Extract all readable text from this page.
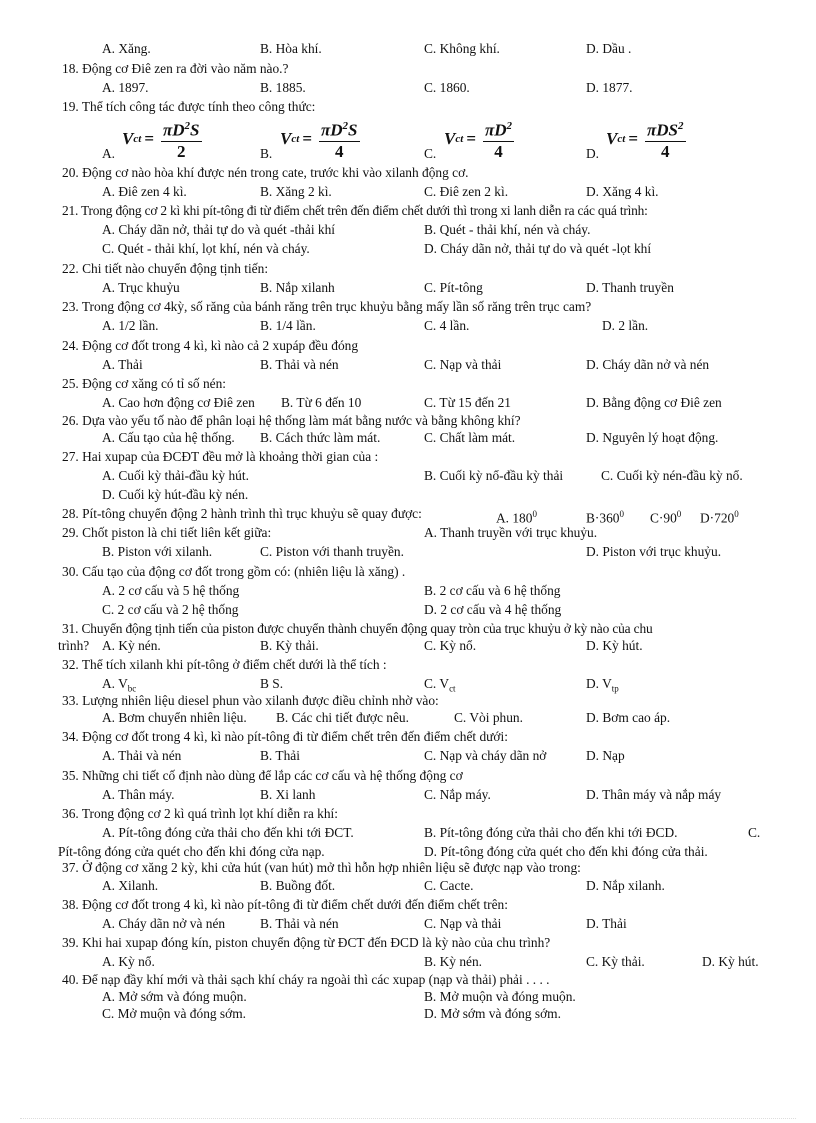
A. Xăng.	B. Hòa khí.	C. Không khí.	D. Dầu .
18. Động cơ Điê zen ra đời vào năm nào.?
A. 1897.	B. 1885.	C. 1860.	D. 1877.
19. Thể tích công tác được tính theo công thức:
A.
V ct = $\frac{\pi D^2S}{2}$	B.
V ct = $\frac{\pi D^2S}{4}$	C.
V ct = $\frac{\pi D^2}{4}$	D.
V ct = $\frac{\pi DS^2}{4}$
20. Động cơ nào hòa khí được nén trong cate, trước khi vào xilanh động cơ.
A. Điê zen 4 kì.	B. Xăng 2 kì.	C. Điê zen 2 kì.	D. Xăng 4 kì.
21. Trong động cơ 2 kì khi pít-tông đi từ điểm chết trên đến điểm chết dưới thì trong xi lanh diễn ra các quá trình:
A. Cháy dãn nở, thải tự do và quét -thải khí	B. Quét - thải khí, nén và cháy.
C. Quét - thải khí, lọt khí, nén và cháy.	D. Cháy dãn nở, thải tự do và quét -lọt khí
22. Chi tiết nào chuyển động tịnh tiến:
A. Trục khuỷu	B. Nắp xilanh	C. Pít-tông	D. Thanh truyền
23. Trong động cơ 4kỳ, số răng của bánh răng trên trục khuỷu bằng mấy lần số răng trên trục cam?
A. 1/2 lần.	B. 1/4 lần.	C. 4 lần.	D. 2 lần.
24. Động cơ đốt trong 4 kì, kì nào cả 2 xupáp đều đóng
A. Thải	B. Thải và nén	C. Nạp và thải	D. Cháy dãn nở và nén
25. Động cơ xăng có tỉ số nén:
A. Cao hơn động cơ Điê zen B. Từ 6 đến 10	C. Từ 15 đến 21	D. Bằng động cơ Điê zen
26. Dựa vào yếu tố nào để phân loại hệ thống làm mát bằng nước và bằng không khí?
A. Cấu tạo của hệ thống. B. Cách thức làm mát.	C. Chất làm mát.	D. Nguyên lý hoạt động.
27. Hai xupap của ĐCĐT đều mở là khoảng thời gian của :
A. Cuối kỳ thải-đầu kỳ hút.	B. Cuối kỳ nổ-đầu kỳ thải	C. Cuối kỳ nén-đầu kỳ nổ.
D. Cuối kỳ hút-đầu kỳ nén.
28. Pít-tông chuyển động 2 hành trình thì trục khuỷu sẽ quay được:	A. $180^0$	$B\cdot 360^0$ $C\cdot 90^0$ $D\cdot 720^0$
29. Chốt piston là chi tiết liên kết giữa:	A. Thanh truyền với trục khuỷu.
B. Piston với xilanh.	C. Piston với thanh truyền.	D. Piston với trục khuỷu.
30. Cấu tạo của động cơ đốt trong gồm có: (nhiên liệu là xăng) .
A. 2 cơ cấu và 5 hệ thống	B. 2 cơ cấu và 6 hệ thống
C. 2 cơ cấu và 2 hệ thống	D. 2 cơ cấu và 4 hệ thống
31. Chuyển động tịnh tiến của piston được chuyển thành chuyển động quay tròn của trục khuỷu ở kỳ nào của chu
trình? A. Kỳ nén.	B. Kỳ thải.	C. Kỳ nổ.	D. Kỳ hút.
32. Thể tích xilanh khi pít-tông ở điểm chết dưới là thể tích :
A. $V_{bc}$	B S.	C. $V_{ct}$	D. $V_{tp}$
33. Lượng nhiên liệu diesel phun vào xilanh được điều chỉnh nhờ vào:
A. Bơm chuyển nhiên liệu. B. Các chi tiết được nêu.	C. Vòi phun.	D. Bơm cao áp.
34. Động cơ đốt trong 4 kì, kì nào pít-tông đi từ điểm chết trên đến điểm chết dưới:
A. Thải và nén	B. Thải	C. Nạp và cháy dãn nở	D. Nạp
35. Những chi tiết cố định nào dùng để lắp các cơ cấu và hệ thống động cơ
A. Thân máy.	B. Xi lanh	C. Nắp máy.	D. Thân máy và nắp máy
36. Trong động cơ 2 kì quá trình lọt khí diễn ra khí:
A. Pít-tông đóng cửa thải cho đến khi tới ĐCT.	B. Pít-tông đóng cửa thải cho đến khi tới ĐCD.	C.
Pít-tông đóng cửa quét cho đến khi đóng cửa nạp.	D. Pít-tông đóng cửa quét cho đến khi đóng cửa thải.
37. Ở động cơ xăng 2 kỳ, khi cửa hút (van hút) mở thì hỗn hợp nhiên liệu sẽ được nạp vào trong:
A. Xilanh.	B. Buồng đốt.	C. Cacte.	D. Nắp xilanh.
38. Động cơ đốt trong 4 kì, kì nào pít-tông đi từ điểm chết dưới đến điểm chết trên:
A. Cháy dãn nở và nén	B. Thải và nén	C. Nạp và thải	D. Thải
39. Khi hai xupap đóng kín, piston chuyển động từ ĐCT đến ĐCD là kỳ nào của chu trình?
A. Kỳ nổ.	B. Kỳ nén.	C. Kỳ thải.	D. Kỳ hút.
40. Để nạp đầy khí mới và thải sạch khí cháy ra ngoài thì các xupap (nạp và thải) phải . . . .
A. Mở sớm và đóng muộn.	B. Mở muộn và đóng muộn.
C. Mở muộn và đóng sớm.	D. Mở sớm và đóng sớm.
